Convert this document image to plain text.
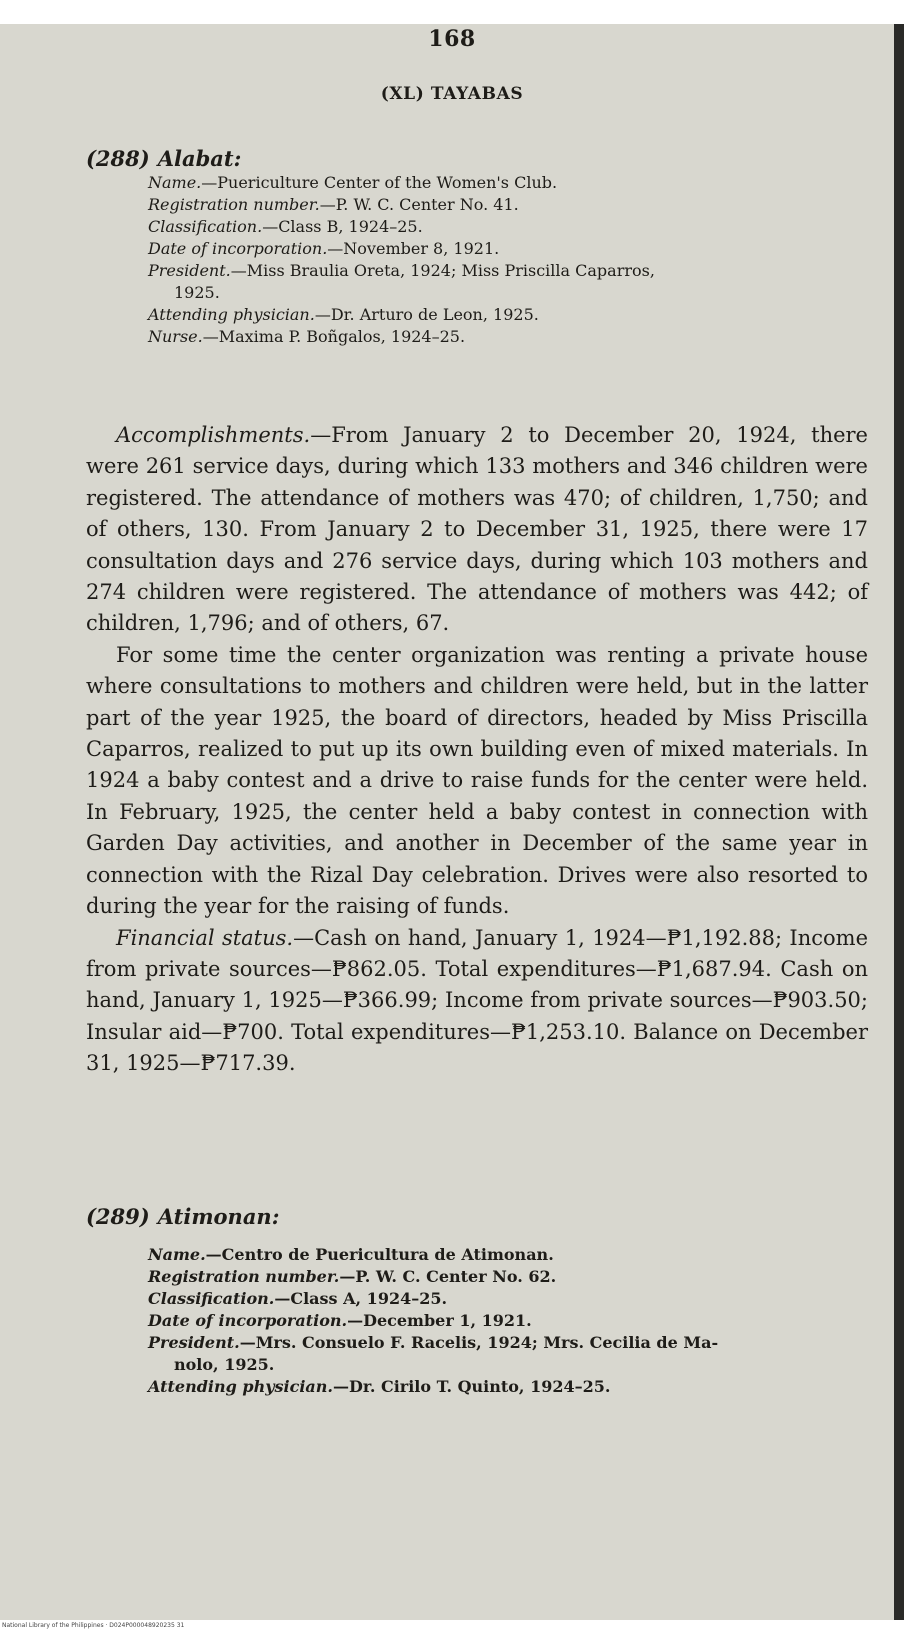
168
(XL) TAYABAS
(288) Alabat:
Name.—Puericulture Center of the Women's Club.
Registration number.—P. W. C. Center No. 41.
Classification.—Class B, 1924–25.
Date of incorporation.—November 8, 1921.
President.—Miss Braulia Oreta, 1924; Miss Priscilla Caparros,
1925.
Attending physician.—Dr. Arturo de Leon, 1925.
Nurse.—Maxima P. Boñgalos, 1924–25.

Accomplishments.—From January 2 to December 20, 1924, there were 261 service days, during which 133 mothers and 346 children were registered. The attendance of mothers was 470; of children, 1,750; and of others, 130. From January 2 to December 31, 1925, there were 17 consultation days and 276 service days, during which 103 mothers and 274 children were registered. The attendance of mothers was 442; of children, 1,796; and of others, 67.

For some time the center organization was renting a private house where consultations to mothers and children were held, but in the latter part of the year 1925, the board of directors, headed by Miss Priscilla Caparros, realized to put up its own building even of mixed materials. In 1924 a baby contest and a drive to raise funds for the center were held. In February, 1925, the center held a baby contest in connection with Garden Day activities, and another in December of the same year in connection with the Rizal Day celebration. Drives were also resorted to during the year for the raising of funds.

Financial status.—Cash on hand, January 1, 1924—₱1,192.88; Income from private sources—₱862.05. Total expenditures—₱1,687.94. Cash on hand, January 1, 1925—₱366.99; Income from private sources—₱903.50; Insular aid—₱700. Total expenditures—₱1,253.10. Balance on December 31, 1925—₱717.39.

(289) Atimonan:
Name.—Centro de Puericultura de Atimonan.
Registration number.—P. W. C. Center No. 62.
Classification.—Class A, 1924–25.
Date of incorporation.—December 1, 1921.
President.—Mrs. Consuelo F. Racelis, 1924; Mrs. Cecilia de Ma-
nolo, 1925.
Attending physician.—Dr. Cirilo T. Quinto, 1924–25.
National Library of the Philippines · D024P000048920235 31
